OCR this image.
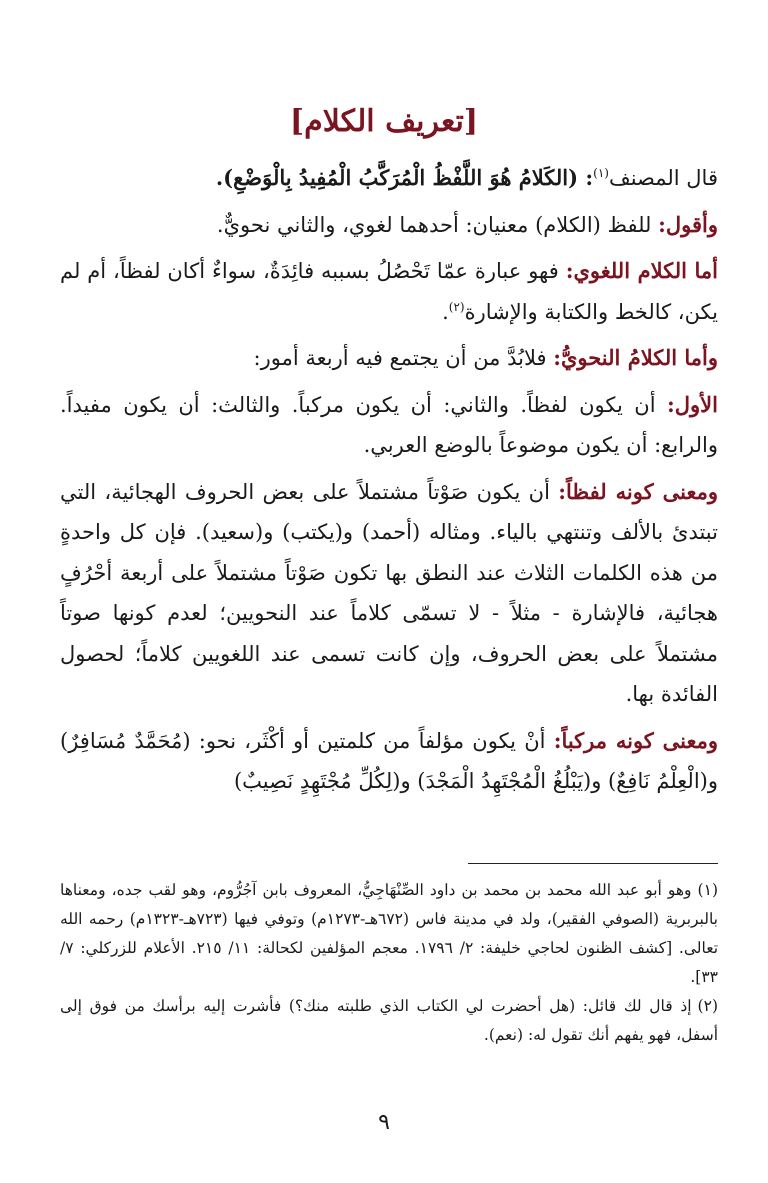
[تعريف الكلام]

قال المصنف$^{(١)}$: (الكَلامُ هُوَ اللَّفْظُ الْمُرَكَّبُ الْمُفِيدُ بِالْوَضْعِ).

وأقول: للفظ (الكلام) معنيان: أحدهما لغوي، والثاني نحويٌّ.

أما الكلام اللغوي: فهو عبارة عمّا تَحْصُلُ بسببه فائِدَةٌ، سواءٌ أكان لفظاً، أم لم يكن، كالخط والكتابة والإشارة$^{(٢)}$.

وأما الكلامُ النحويُّ: فلابُدَّ من أن يجتمع فيه أربعة أمور:

الأول: أن يكون لفظاً. والثاني: أن يكون مركباً. والثالث: أن يكون مفيداً. والرابع: أن يكون موضوعاً بالوضع العربي.

ومعنى كونه لفظاً: أن يكون صَوْتاً مشتملاً على بعض الحروف الهجائية، التي تبتدئ بالألف وتنتهي بالياء. ومثاله (أحمد) و(يكتب) و(سعيد). فإن كل واحدةٍ من هذه الكلمات الثلاث عند النطق بها تكون صَوْتاً مشتملاً على أربعة أحْرُفٍ هجائية، فالإشارة - مثلاً - لا تسمّى كلاماً عند النحويين؛ لعدم كونها صوتاً مشتملاً على بعض الحروف، وإن كانت تسمى عند اللغويين كلاماً؛ لحصول الفائدة بها.

ومعنى كونه مركباً: أنْ يكون مؤلفاً من كلمتين أو أكْثَر، نحو: (مُحَمَّدٌ مُسَافِرٌ) و(الْعِلْمُ نَافِعٌ) و(يَبْلُغُ الْمُجْتَهِدُ الْمَجْدَ) و(لِكُلِّ مُجْتَهِدٍ نَصِيبٌ)

(١)وهو أبو عبد الله محمد بن محمد بن داود الصِّنْهَاجِيُّ، المعروف بابن آجُرُّوم، وهو لقب جده، ومعناها بالبربرية (الصوفي الفقير)، ولد في مدينة فاس (٦٧٢هـ-١٢٧٣م) وتوفي فيها (٧٢٣هـ-١٣٢٣م) رحمه الله تعالى. [كشف الظنون لحاجي خليفة: ٢/ ١٧٩٦. معجم المؤلفين لكحالة: ١١/ ٢١٥. الأعلام للزركلي: ٧/ ٣٣].

(٢)إذ قال لك قائل: (هل أحضرت لي الكتاب الذي طلبته منك؟) فأشرت إليه برأسك من فوق إلى أسفل، فهو يفهم أنك تقول له: (نعم).

٩
